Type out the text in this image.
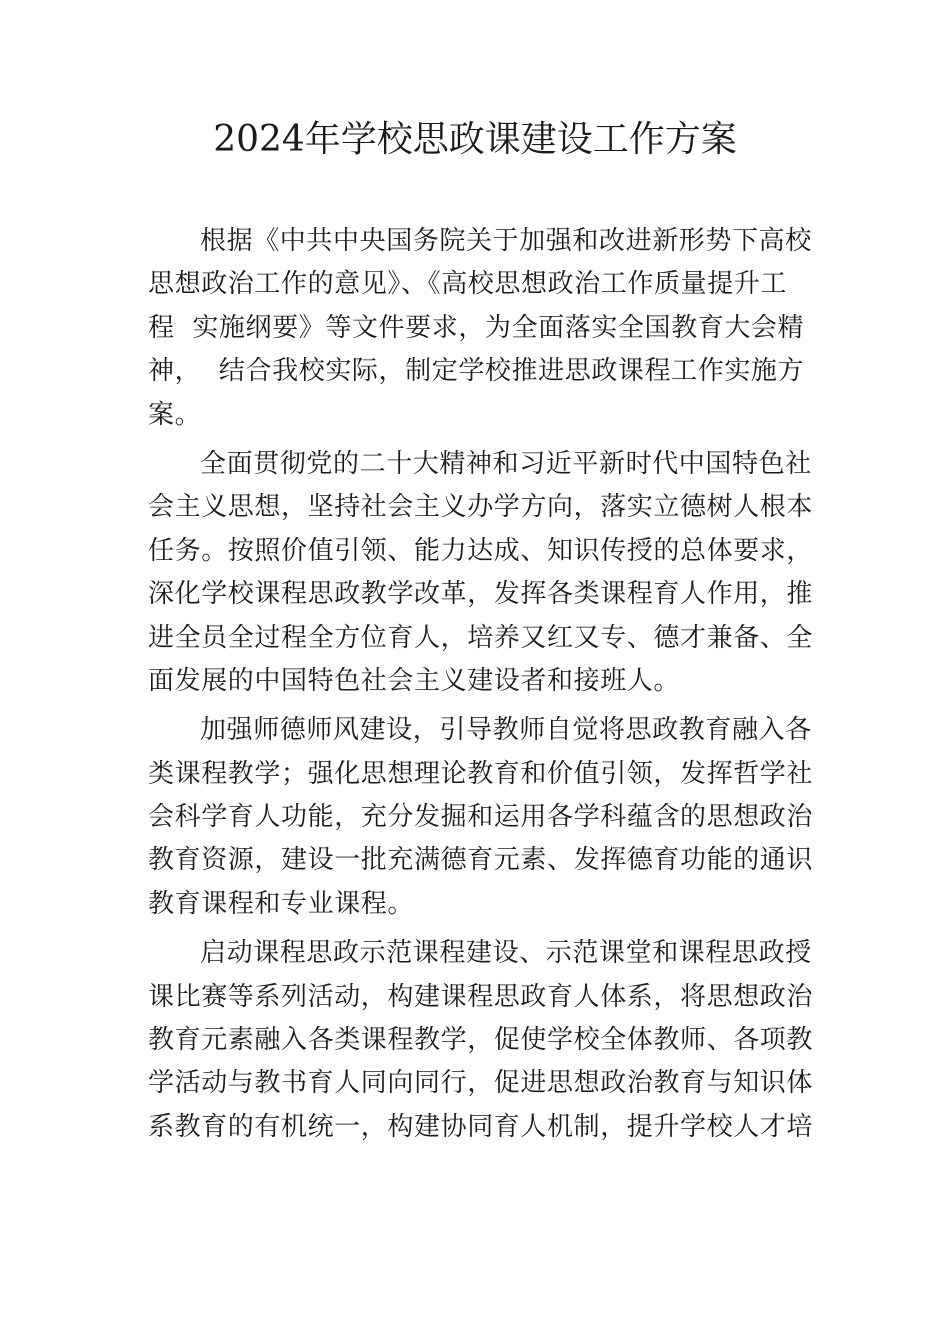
2024年学校思政课建设工作方案
根据《中共中央国务院关于加强和改进新形势下高校
思想政治工作的意见》、《高校思想政治工作质量提升工
程  实施纲要》等文件要求，为全面落实全国教育大会精
神，  结合我校实际，制定学校推进思政课程工作实施方
案。
全面贯彻党的二十大精神和习近平新时代中国特色社
会主义思想，坚持社会主义办学方向，落实立德树人根本
任务。按照价值引领、能力达成、知识传授的总体要求，
深化学校课程思政教学改革，发挥各类课程育人作用，推
进全员全过程全方位育人，培养又红又专、德才兼备、全
面发展的中国特色社会主义建设者和接班人。
加强师德师风建设，引导教师自觉将思政教育融入各
类课程教学；强化思想理论教育和价值引领，发挥哲学社
会科学育人功能，充分发掘和运用各学科蕴含的思想政治
教育资源，建设一批充满德育元素、发挥德育功能的通识
教育课程和专业课程。
启动课程思政示范课程建设、示范课堂和课程思政授
课比赛等系列活动，构建课程思政育人体系，将思想政治
教育元素融入各类课程教学，促使学校全体教师、各项教
学活动与教书育人同向同行，促进思想政治教育与知识体
系教育的有机统一，构建协同育人机制，提升学校人才培
